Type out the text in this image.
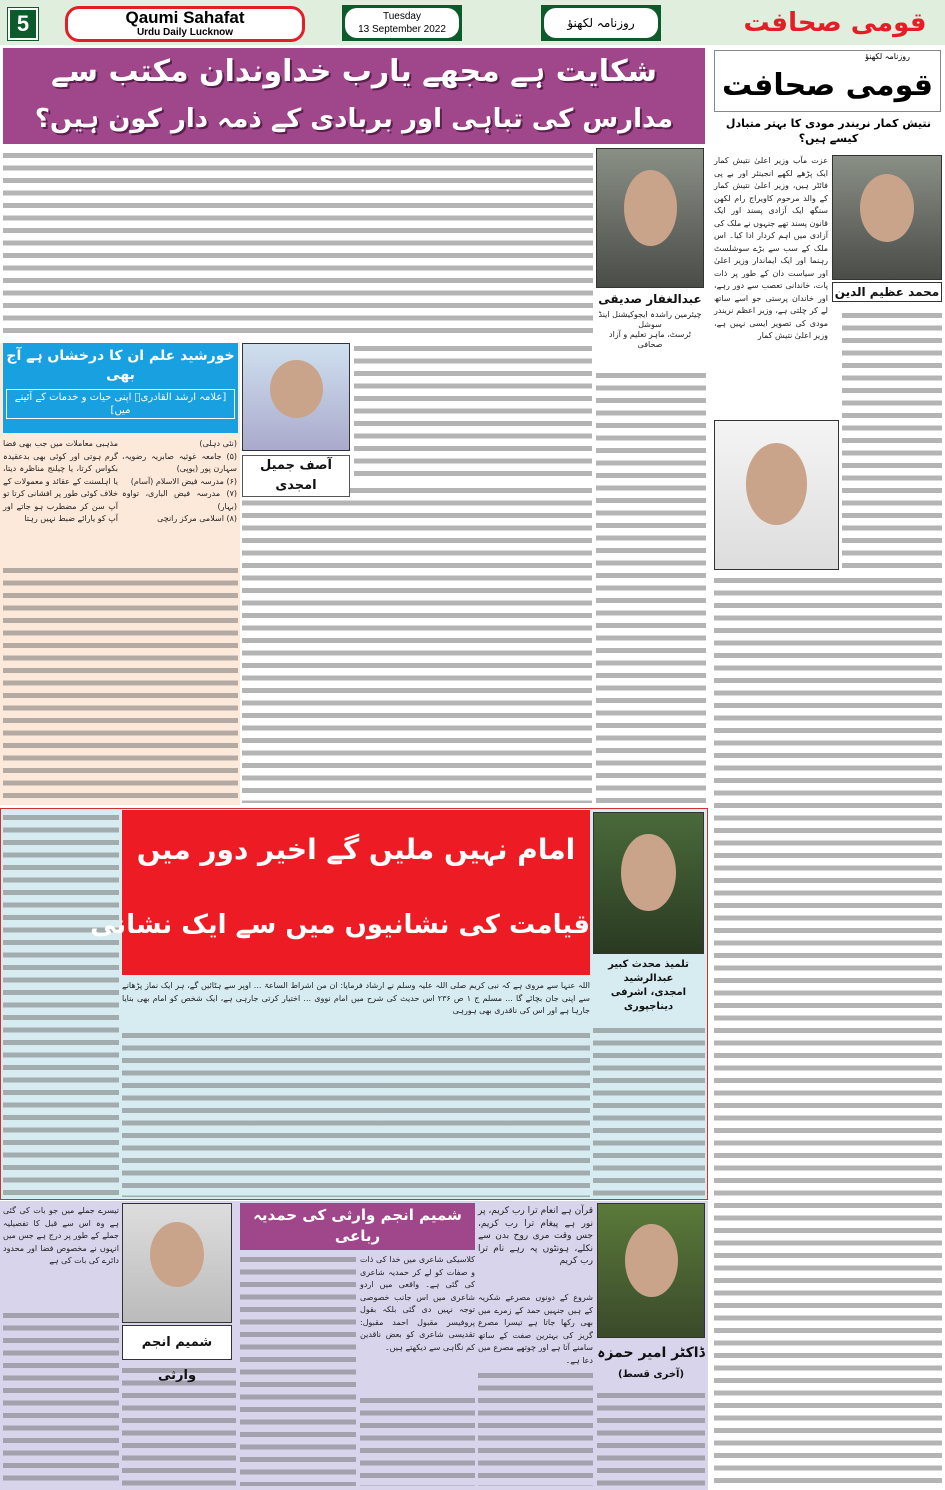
5	Qaumi Sahafat
Urdu Daily Lucknow
Tuesday
13 September 2022	روزنامہ لکھنؤ	قومی صحافت
شکایت ہے مجھے یارب خداوندان مکتب سے
مدارس کی تباہی اور بربادی کے ذمہ دار کون ہیں؟
عبدالغفار صدیقی
چیئرمین راشدہ ایجوکیشنل اینڈ سوشل
ٹرسٹ، ماہر تعلیم و آزاد صحافی
روزنامہ لکھنؤ
قومی صحافت
نتیش کمار نریندر مودی کا بہتر متبادل کیسے ہیں؟
محمد عظیم الدین
عزت مآب وزیر اعلیٰ نتیش کمار ایک پڑھے لکھے انجینئر اور بے پی فائٹر ہیں، وزیر اعلیٰ نتیش کمار کے والد مرحوم کاویراج رام لکھن سنگھ ایک آزادی پسند اور ایک قانون پسند تھے جنہوں نے ملک کی آزادی میں اہم کردار ادا کیا۔ اس ملک کے سب سے بڑے سوشلسٹ رہنما اور ایک ایماندار وزیر اعلیٰ اور سیاست دان کے طور پر ذات پات، خاندانی تعصب سے دور رہے، اور خاندان پرستی جو اسے ساتھ لے کر چلتی ہے، وزیر اعظم نریندر مودی کی تصویر ایسی نہیں ہے، وزیر اعلیٰ نتیش کمار
خورشید علم ان کا درخشاں ہے آج بھی
[علامہ ارشد القادریؒ اپنی حیات و خدمات کے آئینے میں]
آصف جمیل امجدی
(نئی دہلی)
(۵) جامعہ غوثیہ صابریہ رضویہ، سہارن پور (یوپی)
(۶) مدرسہ فیض الاسلام (آسام)
(۷) مدرسہ فیض الباری، تواوہ (بہار)
(۸) اسلامی مرکز رانچی
مذہبی معاملات میں جب بھی فضا گرم ہوتی اور کوئی بھی بدعقیدہ بکواس کرتا، یا چیلنج مناظرہ دیتا، یا اہلسنت کے عقائد و معمولات کے خلاف کوئی طور پر افشانی کرتا تو آپ سن کر مضطرب ہو جاتے اور آپ کو یارائے ضبط نہیں رہتا
امام نہیں ملیں گے اخیر دور میں
قیامت کی نشانیوں میں سے ایک نشانی
تلمیذ محدث کبیر عبدالرشید
امجدی، اشرفی دیناجپوری
اللہ عنہا سے مروی ہے کہ نبی کریم صلی اللہ علیہ وسلم نے ارشاد فرمایا: ان من اشراط الساعۃ ... اوپر سے ہٹائیں گے، ہر ایک نماز پڑھانے سے اپنی جان بچائے گا ... مسلم ج ۱ ص ۲۳۶ اس حدیث کی شرح میں امام نووی ... اختیار کرتی جارہی ہے، ایک شخص کو امام بھی بنایا جارہا ہے اور اس کی ناقدری بھی ہورہی
شمیم انجم وارثی
شمیم انجم وارثی کی حمدیہ رباعی
ڈاکٹر امیر حمزہ
(آخری قسط)
قرآن ہے انعام ترا رب کریم، پر نور ہے پیغام ترا رب کریم، جس وقت مری روح بدن سے نکلے، ہونٹوں پہ رہے نام ترا رب کریم
شروع کے دونوں مصرعے شکریہ کے ہیں جنہیں حمد کے زمرے میں بھی رکھا جاتا ہے تیسرا مصرع گریز کی بہترین صفت کے ساتھ سامنے آتا ہے اور چوتھے مصرع میں دعا ہے۔
کلاسیکی شاعری میں خدا کی ذات و صفات کو لے کر حمدیہ شاعری کی گئی ہے۔ واقعی میں اردو شاعری میں اس جانب خصوصی توجہ نہیں دی گئی بلکہ بقول پروفیسر مقبول احمد مقبول: تقدیسی شاعری کو بعض ناقدین کم نگاہی سے دیکھتے ہیں۔
تیسرے جملے میں جو بات کی گئی ہے وہ اس سے قبل کا تفصیلیہ جملے کے طور پر درج ہے جس میں انہوں نے مخصوص فضا اور محدود دائرے کی بات کی ہے
